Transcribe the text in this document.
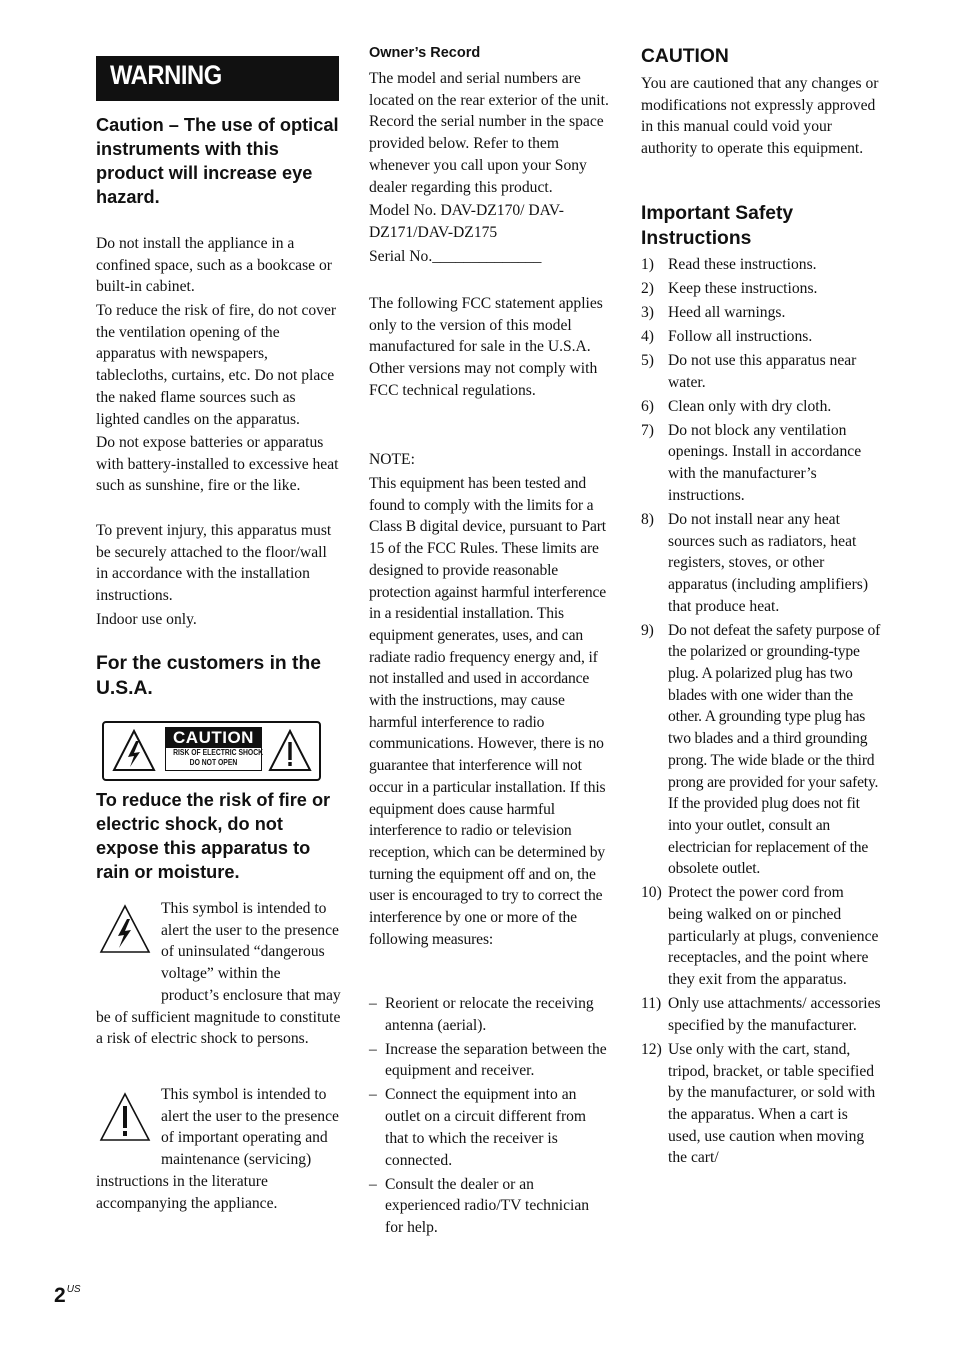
WARNING
Caution – The use of optical instruments with this product will increase eye hazard.

Do not install the appliance in a confined space, such as a bookcase or built-in cabinet.

To reduce the risk of fire, do not cover the ventilation opening of the apparatus with newspapers, tablecloths, curtains, etc. Do not place the naked flame sources such as lighted candles on the apparatus.

Do not expose batteries or apparatus with battery-installed to excessive heat such as sunshine, fire or the like.

To prevent injury, this apparatus must be securely attached to the floor/wall in accordance with the installation instructions.

Indoor use only.

For the customers in the U.S.A.
CAUTION
RISK OF ELECTRIC SHOCK
DO NOT OPEN
To reduce the risk of fire or electric shock, do not expose this apparatus to rain or moisture.

This symbol is intended to alert the user to the presence of uninsulated “dangerous voltage” within the product’s enclosure that may be of sufficient magnitude to constitute a risk of electric shock to persons.

This symbol is intended to alert the user to the presence of important operating and maintenance (servicing) instructions in the literature accompanying the appliance.

Owner’s Record

The model and serial numbers are located on the rear exterior of the unit. Record the serial number in the space provided below. Refer to them whenever you call upon your Sony dealer regarding this product.

Model No. DAV-DZ170/ DAV-DZ171/DAV-DZ175

Serial No.______________

The following FCC statement applies only to the version of this model manufactured for sale in the U.S.A. Other versions may not comply with FCC technical regulations.

NOTE:

This equipment has been tested and found to comply with the limits for a Class B digital device, pursuant to Part 15 of the FCC Rules. These limits are designed to provide reasonable protection against harmful interference in a residential installation. This equipment generates, uses, and can radiate radio frequency energy and, if not installed and used in accordance with the instructions, may cause harmful interference to radio communications. However, there is no guarantee that interference will not occur in a particular installation. If this equipment does cause harmful interference to radio or television reception, which can be determined by turning the equipment off and on, the user is encouraged to try to correct the interference by one or more of the following measures:

– Reorient or relocate the receiving antenna (aerial).
– Increase the separation between the equipment and receiver.
– Connect the equipment into an outlet on a circuit different from that to which the receiver is connected.
– Consult the dealer or an experienced radio/TV technician for help.
CAUTION

You are cautioned that any changes or modifications not expressly approved in this manual could void your authority to operate this equipment.

Important Safety Instructions
1) Read these instructions.
2) Keep these instructions.
3) Heed all warnings.
4) Follow all instructions.
5) Do not use this apparatus near water.
6) Clean only with dry cloth.
7) Do not block any ventilation openings. Install in accordance with the manufacturer’s instructions.
8) Do not install near any heat sources such as radiators, heat registers, stoves, or other apparatus (including amplifiers) that produce heat.
9) Do not defeat the safety purpose of the polarized or grounding-type plug. A polarized plug has two blades with one wider than the other. A grounding type plug has two blades and a third grounding prong. The wide blade or the third prong are provided for your safety. If the provided plug does not fit into your outlet, consult an electrician for replacement of the obsolete outlet.
10) Protect the power cord from being walked on or pinched particularly at plugs, convenience receptacles, and the point where they exit from the apparatus.
11) Only use attachments/ accessories specified by the manufacturer.
12) Use only with the cart, stand, tripod, bracket, or table specified by the manufacturer, or sold with the apparatus. When a cart is used, use caution when moving the cart/
$2^{US}$
